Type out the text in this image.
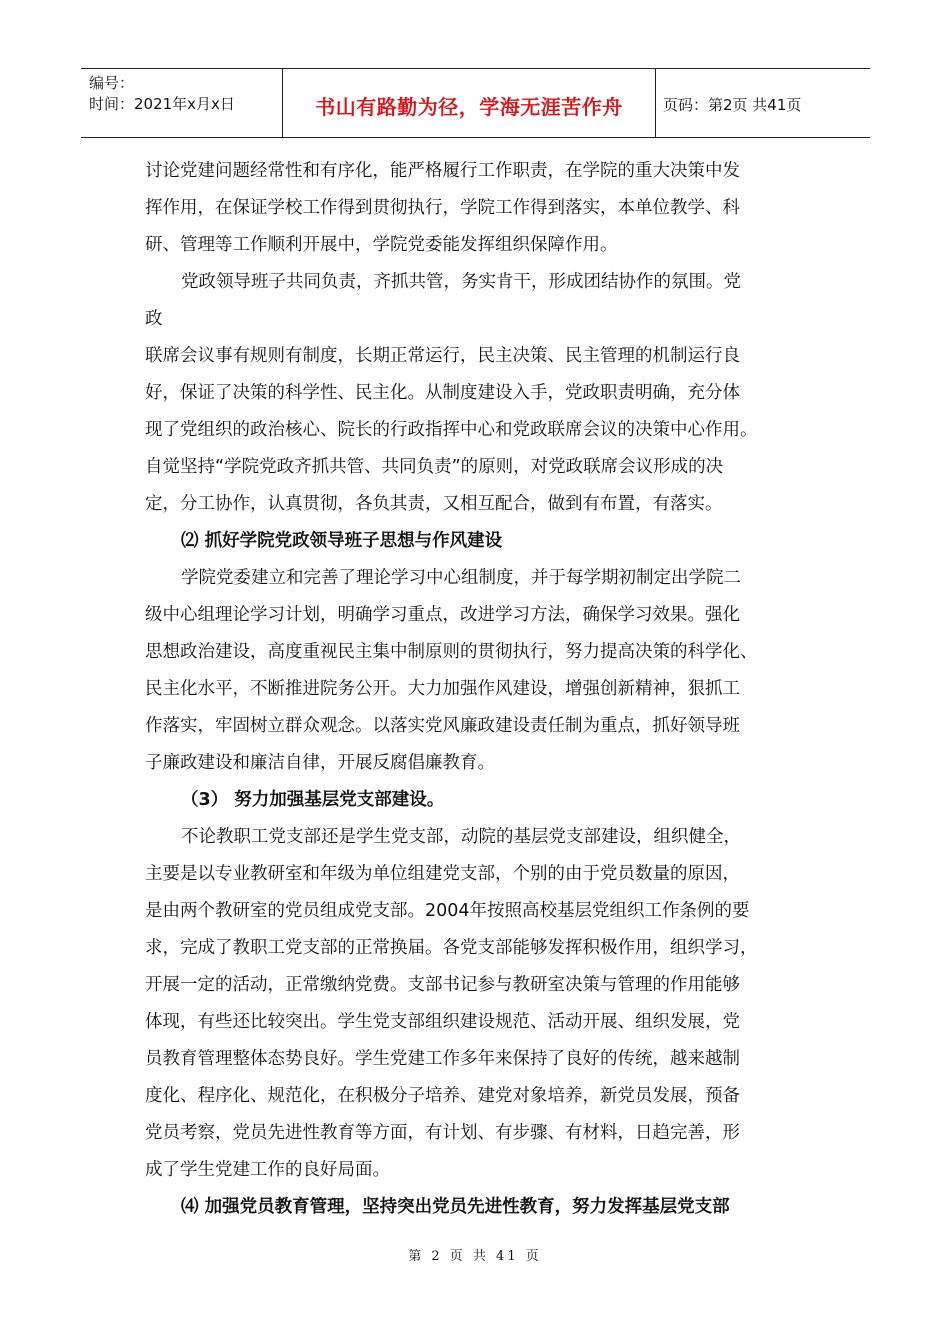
编号：
时间：2021年x月x日	书山有路勤为径，学海无涯苦作舟	页码：第2页 共41页

讨论党建问题经常性和有序化，能严格履行工作职责，在学院的重大决策中发
挥作用，在保证学校工作得到贯彻执行，学院工作得到落实，本单位教学、科
研、管理等工作顺利开展中，学院党委能发挥组织保障作用。

党政领导班子共同负责，齐抓共管，务实肯干，形成团结协作的氛围。党
政

联席会议事有规则有制度，长期正常运行，民主决策、民主管理的机制运行良
好，保证了决策的科学性、民主化。从制度建设入手，党政职责明确，充分体
现了党组织的政治核心、院长的行政指挥中心和党政联席会议的决策中心作用。
自觉坚持“学院党政齐抓共管、共同负责”的原则，对党政联席会议形成的决
定，分工协作，认真贯彻，各负其责，又相互配合，做到有布置，有落实。

⑵ 抓好学院党政领导班子思想与作风建设

学院党委建立和完善了理论学习中心组制度，并于每学期初制定出学院二
级中心组理论学习计划，明确学习重点，改进学习方法，确保学习效果。强化
思想政治建设，高度重视民主集中制原则的贯彻执行，努力提高决策的科学化、
民主化水平，不断推进院务公开。大力加强作风建设，增强创新精神，狠抓工
作落实，牢固树立群众观念。以落实党风廉政建设责任制为重点，抓好领导班
子廉政建设和廉洁自律，开展反腐倡廉教育。

（3） 努力加强基层党支部建设。

不论教职工党支部还是学生党支部，动院的基层党支部建设，组织健全，
主要是以专业教研室和年级为单位组建党支部，个别的由于党员数量的原因，
是由两个教研室的党员组成党支部。2004年按照高校基层党组织工作条例的要
求，完成了教职工党支部的正常换届。各党支部能够发挥积极作用，组织学习，
开展一定的活动，正常缴纳党费。支部书记参与教研室决策与管理的作用能够
体现，有些还比较突出。学生党支部组织建设规范、活动开展、组织发展，党
员教育管理整体态势良好。学生党建工作多年来保持了良好的传统，越来越制
度化、程序化、规范化，在积极分子培养、建党对象培养，新党员发展，预备
党员考察，党员先进性教育等方面，有计划、有步骤、有材料，日趋完善，形
成了学生党建工作的良好局面。

⑷ 加强党员教育管理，坚持突出党员先进性教育，努力发挥基层党支部

第 2 页 共 41 页
